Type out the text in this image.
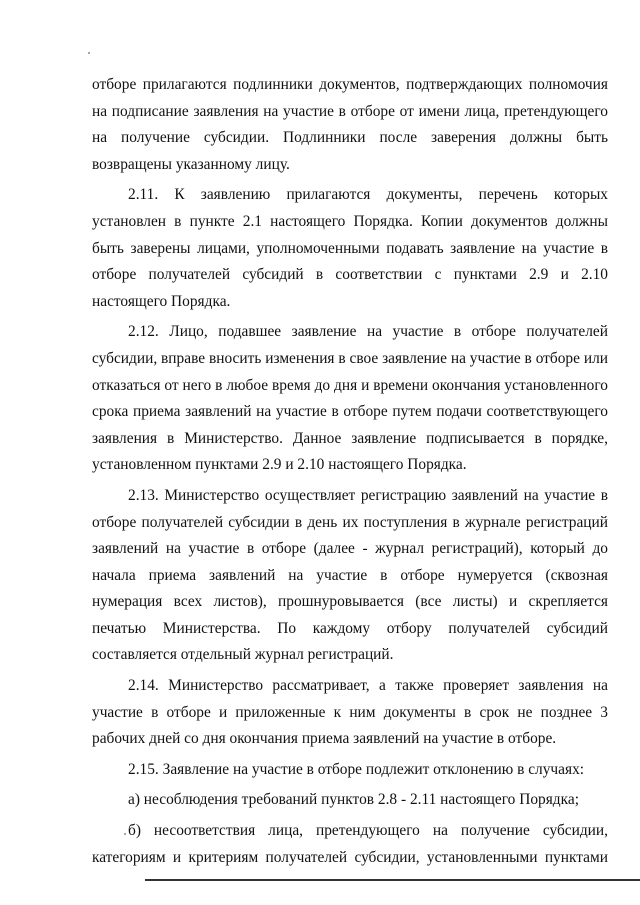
отборе прилагаются подлинники документов, подтверждающих полномочия на подписание заявления на участие в отборе от имени лица, претендующего на получение субсидии. Подлинники после заверения должны быть возвращены указанному лицу.

2.11. К заявлению прилагаются документы, перечень которых установлен в пункте 2.1 настоящего Порядка. Копии документов должны быть заверены лицами, уполномоченными подавать заявление на участие в отборе получателей субсидий в соответствии с пунктами 2.9 и 2.10 настоящего Порядка.

2.12. Лицо, подавшее заявление на участие в отборе получателей субсидии, вправе вносить изменения в свое заявление на участие в отборе или отказаться от него в любое время до дня и времени окончания установленного срока приема заявлений на участие в отборе путем подачи соответствующего заявления в Министерство. Данное заявление подписывается в порядке, установленном пунктами 2.9 и 2.10 настоящего Порядка.

2.13. Министерство осуществляет регистрацию заявлений на участие в отборе получателей субсидии в день их поступления в журнале регистраций заявлений на участие в отборе (далее - журнал регистраций), который до начала приема заявлений на участие в отборе нумеруется (сквозная нумерация всех листов), прошнуровывается (все листы) и скрепляется печатью Министерства. По каждому отбору получателей субсидий составляется отдельный журнал регистраций.

2.14. Министерство рассматривает, а также проверяет заявления на участие в отборе и приложенные к ним документы в срок не позднее 3 рабочих дней со дня окончания приема заявлений на участие в отборе.

2.15. Заявление на участие в отборе подлежит отклонению в случаях:

а) несоблюдения требований пунктов 2.8 - 2.11 настоящего Порядка;

б) несоответствия лица, претендующего на получение субсидии, категориям и критериям получателей субсидии, установленными пунктами
